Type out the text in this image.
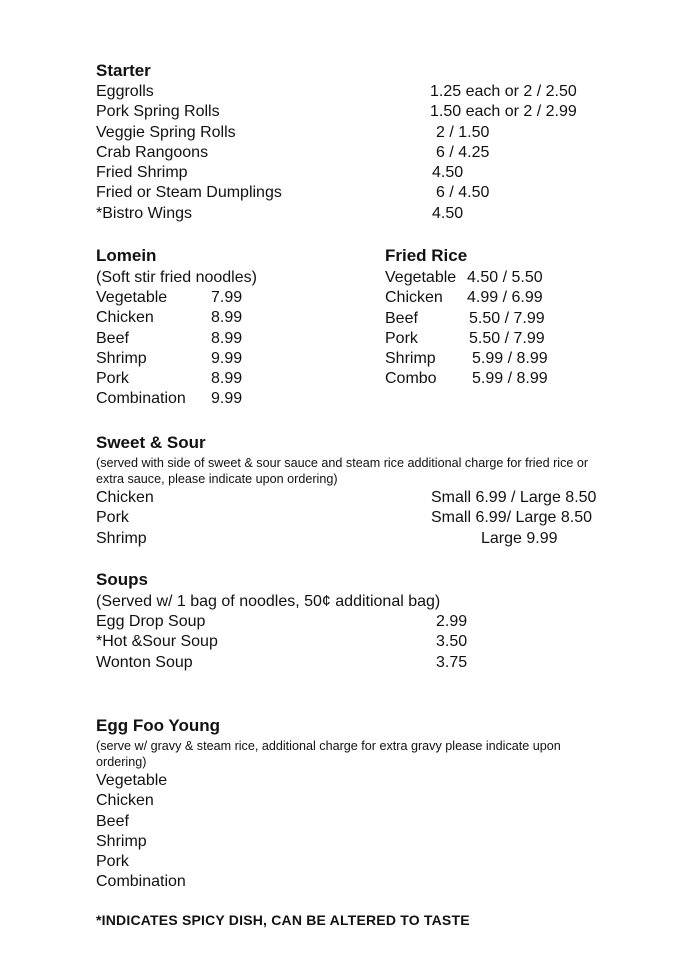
Starter
Eggrolls
Pork Spring Rolls
Veggie Spring Rolls
Crab Rangoons
Fried Shrimp
Fried or Steam Dumplings
*Bistro Wings
1.25 each or 2 / 2.50
1.50 each or 2 / 2.99
2 / 1.50
6 / 4.25
4.50
6 / 4.50
4.50
Lomein
(Soft stir fried noodles)
Vegetable
Chicken
Beef
Shrimp
Pork
Combination
7.99
8.99
8.99
9.99
8.99
9.99
Fried Rice
Vegetable
Chicken
Beef
Pork
Shrimp
Combo
4.50 / 5.50
4.99 / 6.99
5.50 / 7.99
5.50 / 7.99
5.99 / 8.99
5.99 / 8.99
Sweet & Sour
(served with side of sweet & sour sauce and steam rice additional charge for fried rice or extra sauce, please indicate upon ordering)
Chicken
Pork
Shrimp
Small 6.99 / Large 8.50
Small 6.99/ Large 8.50
Large 9.99
Soups
(Served w/ 1 bag of noodles, 50¢ additional bag)
Egg Drop Soup
*Hot &Sour Soup
Wonton Soup
2.99
3.50
3.75
Egg Foo Young
(serve w/ gravy & steam rice, additional charge for extra gravy please indicate upon ordering)
Vegetable
Chicken
Beef
Shrimp
Pork
Combination
*INDICATES SPICY DISH, CAN BE ALTERED TO TASTE
